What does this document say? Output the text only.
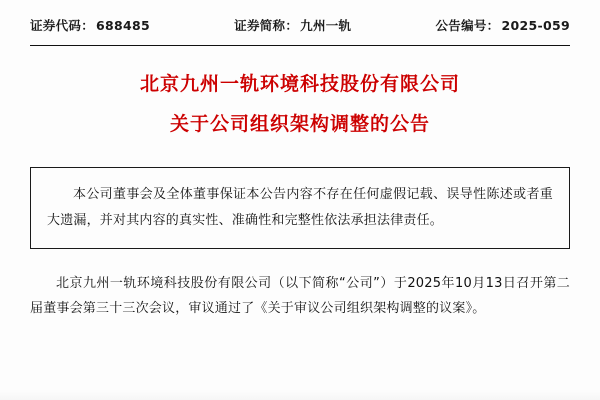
证券代码： 688485	证券简称： 九州一轨	公告编号： 2025-059
北京九州一轨环境科技股份有限公司
关于公司组织架构调整的公告

本公司董事会及全体董事保证本公告内容不存在任何虚假记载、误导性陈述或者重大遗漏，并对其内容的真实性、准确性和完整性依法承担法律责任。

北京九州一轨环境科技股份有限公司（以下简称“公司”）于2025年10月13日召开第二届董事会第三十三次会议，审议通过了《关于审议公司组织架构调整的议案》。
